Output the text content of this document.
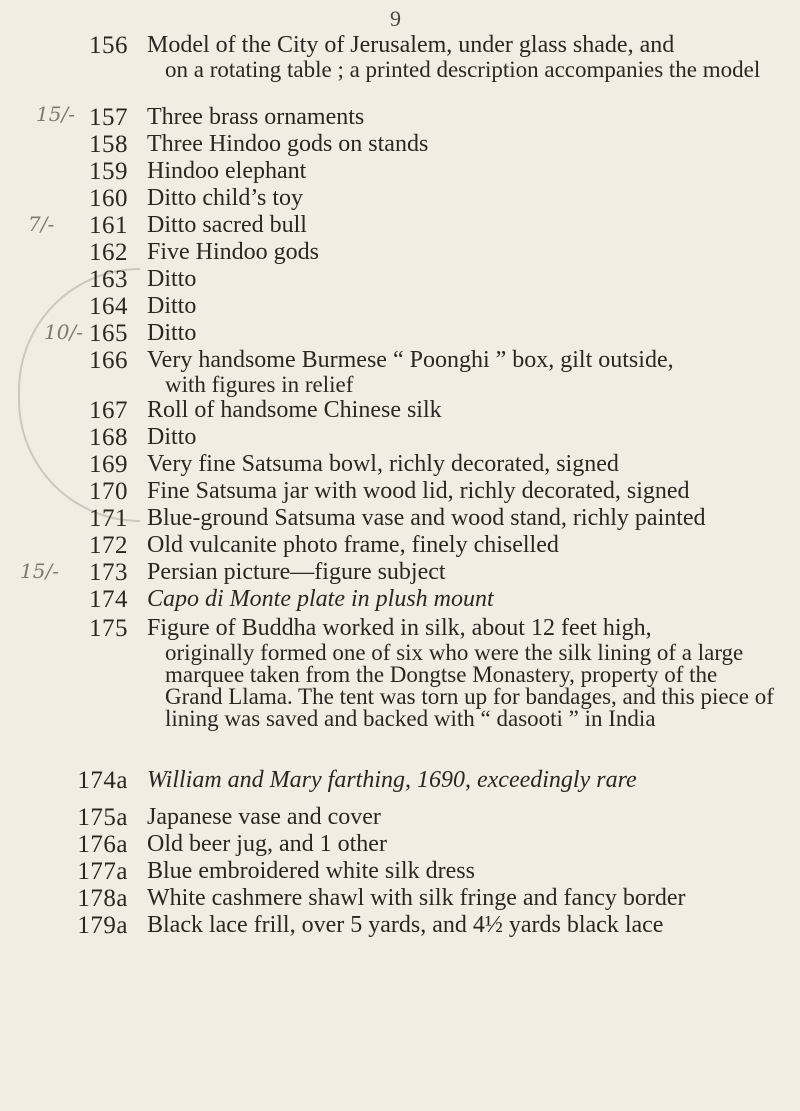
9
156 Model of the City of Jerusalem, under glass shade, and
on a rotating table ; a printed description accompanies the model

15/- 157 Three brass ornaments

158 Three Hindoo gods on stands

159 Hindoo elephant

160 Ditto child’s toy

7/- 161 Ditto sacred bull

162 Five Hindoo gods

163 Ditto

164 Ditto

10/- 165 Ditto

166 Very handsome Burmese “ Poonghi ” box, gilt outside,
with figures in relief

167 Roll of handsome Chinese silk

168 Ditto

169 Very fine Satsuma bowl, richly decorated, signed

170 Fine Satsuma jar with wood lid, richly decorated, signed

171 Blue-ground Satsuma vase and wood stand, richly painted

172 Old vulcanite photo frame, finely chiselled

15/- 173 Persian picture—figure subject

174 Capo di Monte plate in plush mount

175 Figure of Buddha worked in silk, about 12 feet high,
originally formed one of six who were the silk lining of a large marquee taken from the Dongtse Monastery, property of the Grand Llama. The tent was torn up for bandages, and this piece of lining was saved and backed with “ dasooti ” in India

174a William and Mary farthing, 1690, exceedingly rare

175a Japanese vase and cover

176a Old beer jug, and 1 other

177a Blue embroidered white silk dress

178a White cashmere shawl with silk fringe and fancy border

179a Black lace frill, over 5 yards, and 4½ yards black lace
